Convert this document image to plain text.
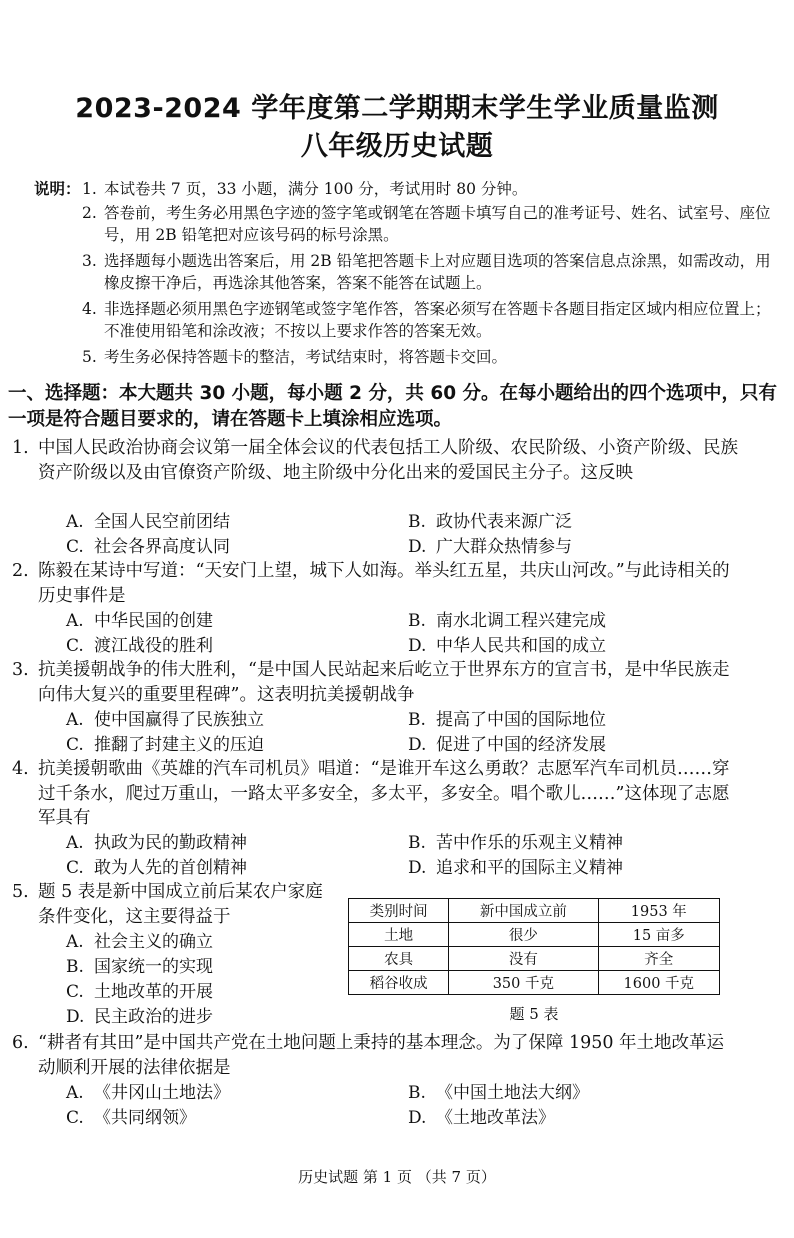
2023-2024 学年度第二学期期末学生学业质量监测
八年级历史试题
说明： 1. 本试卷共 7 页，33 小题，满分 100 分，考试用时 80 分钟。
2. 答卷前，考生务必用黑色字迹的签字笔或钢笔在答题卡填写自己的准考证号、姓名、试室号、座位号，用 2B 铅笔把对应该号码的标号涂黑。
3. 选择题每小题选出答案后，用 2B 铅笔把答题卡上对应题目选项的答案信息点涂黑，如需改动，用橡皮擦干净后，再选涂其他答案，答案不能答在试题上。
4. 非选择题必须用黑色字迹钢笔或签字笔作答，答案必须写在答题卡各题目指定区域内相应位置上；不准使用铅笔和涂改液；不按以上要求作答的答案无效。
5. 考生务必保持答题卡的整洁，考试结束时，将答题卡交回。
一、选择题：本大题共 30 小题，每小题 2 分，共 60 分。在每小题给出的四个选项中，只有一项是符合题目要求的，请在答题卡上填涂相应选项。
1. 中国人民政治协商会议第一届全体会议的代表包括工人阶级、农民阶级、小资产阶级、民族资产阶级以及由官僚资产阶级、地主阶级中分化出来的爱国民主分子。这反映
A. 全国人民空前团结	B. 政协代表来源广泛
C. 社会各界高度认同	D. 广大群众热情参与
2. 陈毅在某诗中写道：“天安门上望，城下人如海。举头红五星，共庆山河改。”与此诗相关的历史事件是
A. 中华民国的创建	B. 南水北调工程兴建完成
C. 渡江战役的胜利	D. 中华人民共和国的成立
3. 抗美援朝战争的伟大胜利，“是中国人民站起来后屹立于世界东方的宣言书，是中华民族走向伟大复兴的重要里程碑”。这表明抗美援朝战争
A. 使中国赢得了民族独立	B. 提高了中国的国际地位
C. 推翻了封建主义的压迫	D. 促进了中国的经济发展
4. 抗美援朝歌曲《英雄的汽车司机员》唱道：“是谁开车这么勇敢？志愿军汽车司机员……穿过千条水，爬过万重山，一路太平多安全，多太平，多安全。唱个歌儿……”这体现了志愿军具有
A. 执政为民的勤政精神	B. 苦中作乐的乐观主义精神
C. 敢为人先的首创精神	D. 追求和平的国际主义精神
5. 题 5 表是新中国成立前后某农户家庭条件变化，这主要得益于
A. 社会主义的确立
B. 国家统一的实现
C. 土地改革的开展
D. 民主政治的进步
类别时间	新中国成立前	1953 年
土地	很少	15 亩多
农具	没有	齐全
稻谷收成	350 千克	1600 千克
题 5 表
6. “耕者有其田”是中国共产党在土地问题上秉持的基本理念。为了保障 1950 年土地改革运动顺利开展的法律依据是
A. 《井冈山土地法》	B. 《中国土地法大纲》
C. 《共同纲领》	D. 《土地改革法》
历史试题 第 1 页 （共 7 页）
